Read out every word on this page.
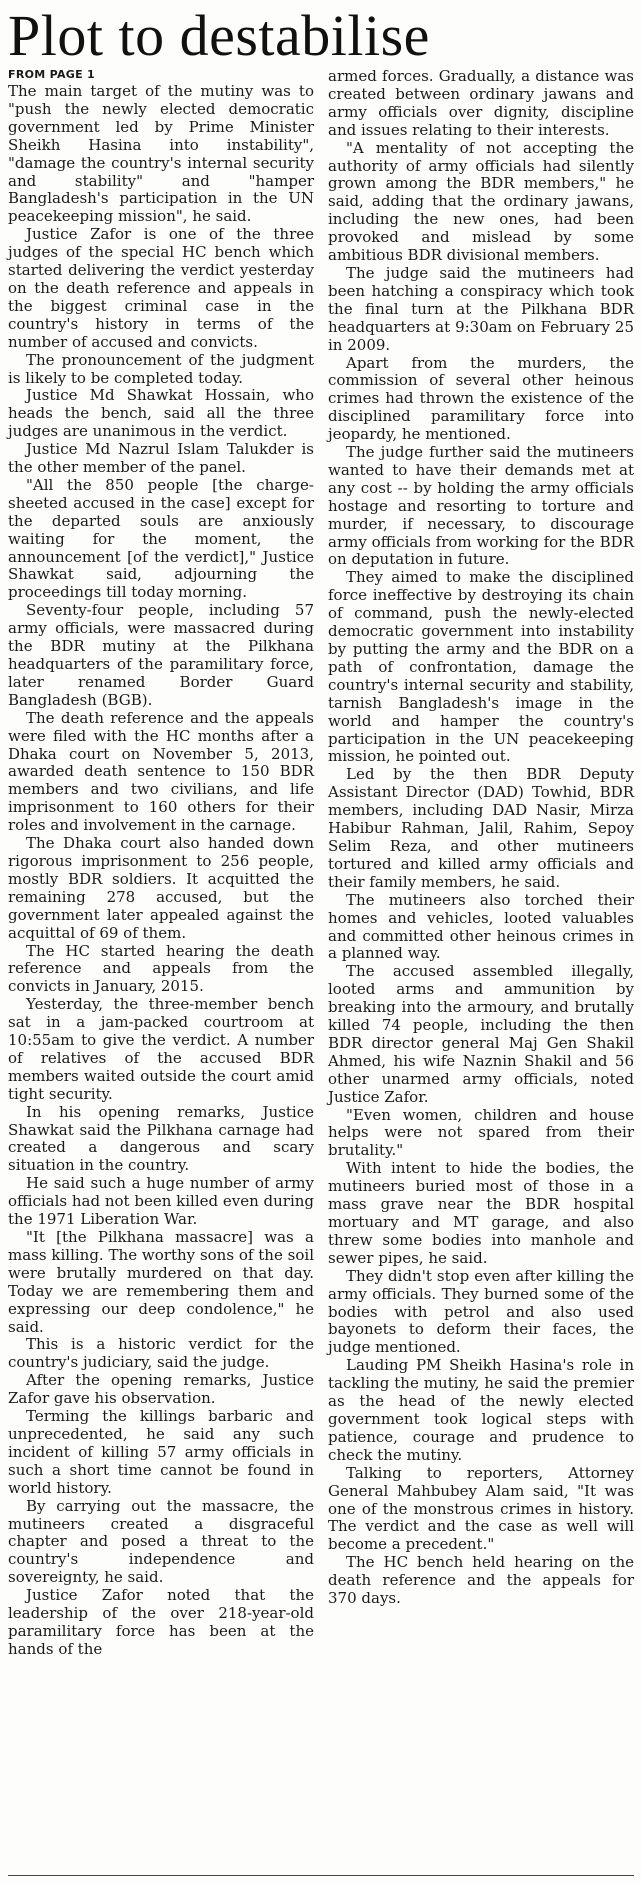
Plot to destabilise
FROM PAGE 1

The main target of the mutiny was to "push the newly elected democratic government led by Prime Minister Sheikh Hasina into instability", "damage the country's internal security and stability" and "hamper Bangladesh's participation in the UN peacekeeping mission", he said.

Justice Zafor is one of the three judges of the special HC bench which started delivering the verdict yesterday on the death reference and appeals in the biggest criminal case in the country's history in terms of the number of accused and convicts.

The pronouncement of the judgment is likely to be completed today.

Justice Md Shawkat Hossain, who heads the bench, said all the three judges are unanimous in the verdict.

Justice Md Nazrul Islam Talukder is the other member of the panel.

"All the 850 people [the charge-sheeted accused in the case] except for the departed souls are anxiously waiting for the moment, the announcement [of the verdict]," Justice Shawkat said, adjourning the proceedings till today morning.

Seventy-four people, including 57 army officials, were massacred during the BDR mutiny at the Pilkhana headquarters of the paramilitary force, later renamed Border Guard Bangladesh (BGB).

The death reference and the appeals were filed with the HC months after a Dhaka court on November 5, 2013, awarded death sentence to 150 BDR members and two civilians, and life imprisonment to 160 others for their roles and involvement in the carnage.

The Dhaka court also handed down rigorous imprisonment to 256 people, mostly BDR soldiers. It acquitted the remaining 278 accused, but the government later appealed against the acquittal of 69 of them.

The HC started hearing the death reference and appeals from the convicts in January, 2015.

Yesterday, the three-member bench sat in a jam-packed courtroom at 10:55am to give the verdict. A number of relatives of the accused BDR members waited outside the court amid tight security.

In his opening remarks, Justice Shawkat said the Pilkhana carnage had created a dangerous and scary situation in the country.

He said such a huge number of army officials had not been killed even during the 1971 Liberation War.

"It [the Pilkhana massacre] was a mass killing. The worthy sons of the soil were brutally murdered on that day. Today we are remembering them and expressing our deep condolence," he said.

This is a historic verdict for the country's judiciary, said the judge.

After the opening remarks, Justice Zafor gave his observation.

Terming the killings barbaric and unprecedented, he said any such incident of killing 57 army officials in such a short time cannot be found in world history.

By carrying out the massacre, the mutineers created a disgraceful chapter and posed a threat to the country's independence and sovereignty, he said.

Justice Zafor noted that the leadership of the over 218-year-old paramilitary force has been at the hands of the

armed forces. Gradually, a distance was created between ordinary jawans and army officials over dignity, discipline and issues relating to their interests.

"A mentality of not accepting the authority of army officials had silently grown among the BDR members," he said, adding that the ordinary jawans, including the new ones, had been provoked and mislead by some ambitious BDR divisional members.

The judge said the mutineers had been hatching a conspiracy which took the final turn at the Pilkhana BDR headquarters at 9:30am on February 25 in 2009.

Apart from the murders, the commission of several other heinous crimes had thrown the existence of the disciplined paramilitary force into jeopardy, he mentioned.

The judge further said the mutineers wanted to have their demands met at any cost -- by holding the army officials hostage and resorting to torture and murder, if necessary, to discourage army officials from working for the BDR on deputation in future.

They aimed to make the disciplined force ineffective by destroying its chain of command, push the newly-elected democratic government into instability by putting the army and the BDR on a path of confrontation, damage the country's internal security and stability, tarnish Bangladesh's image in the world and hamper the country's participation in the UN peacekeeping mission, he pointed out.

Led by the then BDR Deputy Assistant Director (DAD) Towhid, BDR members, including DAD Nasir, Mirza Habibur Rahman, Jalil, Rahim, Sepoy Selim Reza, and other mutineers tortured and killed army officials and their family members, he said.

The mutineers also torched their homes and vehicles, looted valuables and committed other heinous crimes in a planned way.

The accused assembled illegally, looted arms and ammunition by breaking into the armoury, and brutally killed 74 people, including the then BDR director general Maj Gen Shakil Ahmed, his wife Naznin Shakil and 56 other unarmed army officials, noted Justice Zafor.

"Even women, children and house helps were not spared from their brutality."

With intent to hide the bodies, the mutineers buried most of those in a mass grave near the BDR hospital mortuary and MT garage, and also threw some bodies into manhole and sewer pipes, he said.

They didn't stop even after killing the army officials. They burned some of the bodies with petrol and also used bayonets to deform their faces, the judge mentioned.

Lauding PM Sheikh Hasina's role in tackling the mutiny, he said the premier as the head of the newly elected government took logical steps with patience, courage and prudence to check the mutiny.

Talking to reporters, Attorney General Mahbubey Alam said, "It was one of the monstrous crimes in history. The verdict and the case as well will become a precedent."

The HC bench held hearing on the death reference and the appeals for 370 days.
